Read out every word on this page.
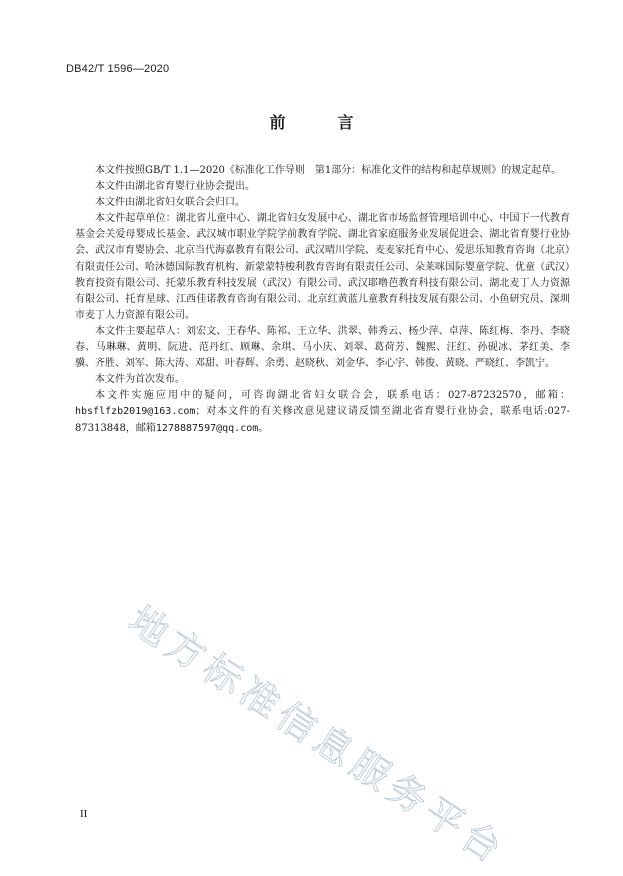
DB42/T 1596—2020
前　言

本文件按照GB/T 1.1—2020《标准化工作导则　第1部分：标准化文件的结构和起草规则》的规定起草。

本文件由湖北省育婴行业协会提出。

本文件由湖北省妇女联合会归口。

本文件起草单位：湖北省儿童中心、湖北省妇女发展中心、湖北省市场监督管理培训中心、中国下一代教育基金会关爱母婴成长基金、武汉城市职业学院学前教育学院、湖北省家庭服务业发展促进会、湖北省育婴行业协会、武汉市育婴协会、北京当代海嘉教育有限公司、武汉晴川学院、麦麦家托育中心、爱思乐知教育咨询（北京）有限责任公司、哈沐德国际教育机构、新蒙蒙特梭利教育咨询有限责任公司、朵莱咪国际婴童学院、优童（武汉）教育投资有限公司、托蒙乐教育科技发展（武汉）有限公司、武汉耶噜芭教育科技有限公司、湖北麦丁人力资源有限公司、托育星球、江西佳诺教育咨询有限公司、北京红黄蓝儿童教育科技发展有限公司、小鱼研究员、深圳市麦丁人力资源有限公司。

本文件主要起草人：刘宏文、王春华、陈祁、王立华、洪翠、韩秀云、杨少萍、卓萍、陈红梅、李丹、李晓春、马琳琳、黄明、阮进、范丹红、顾琳、余琪、马小庆、刘翠、葛荷芳、魏熙、汪红、孙砚冰、茅红美、李骥、齐胜、刘军、陈大涛、邓甜、叶春辉、余勇、赵晓秋、刘金华、李心宇、韩俊、黄晓、严晓红、李凯宁。

本文件为首次发布。

本文件实施应用中的疑问，可咨询湖北省妇女联合会，联系电话：027-87232570，邮箱：hbsflfzb2019@163.com；对本文件的有关修改意见建议请反馈至湖北省育婴行业协会，联系电话:027-87313848，邮箱1278887597@qq.com。

地方标准信息服务平台
II
